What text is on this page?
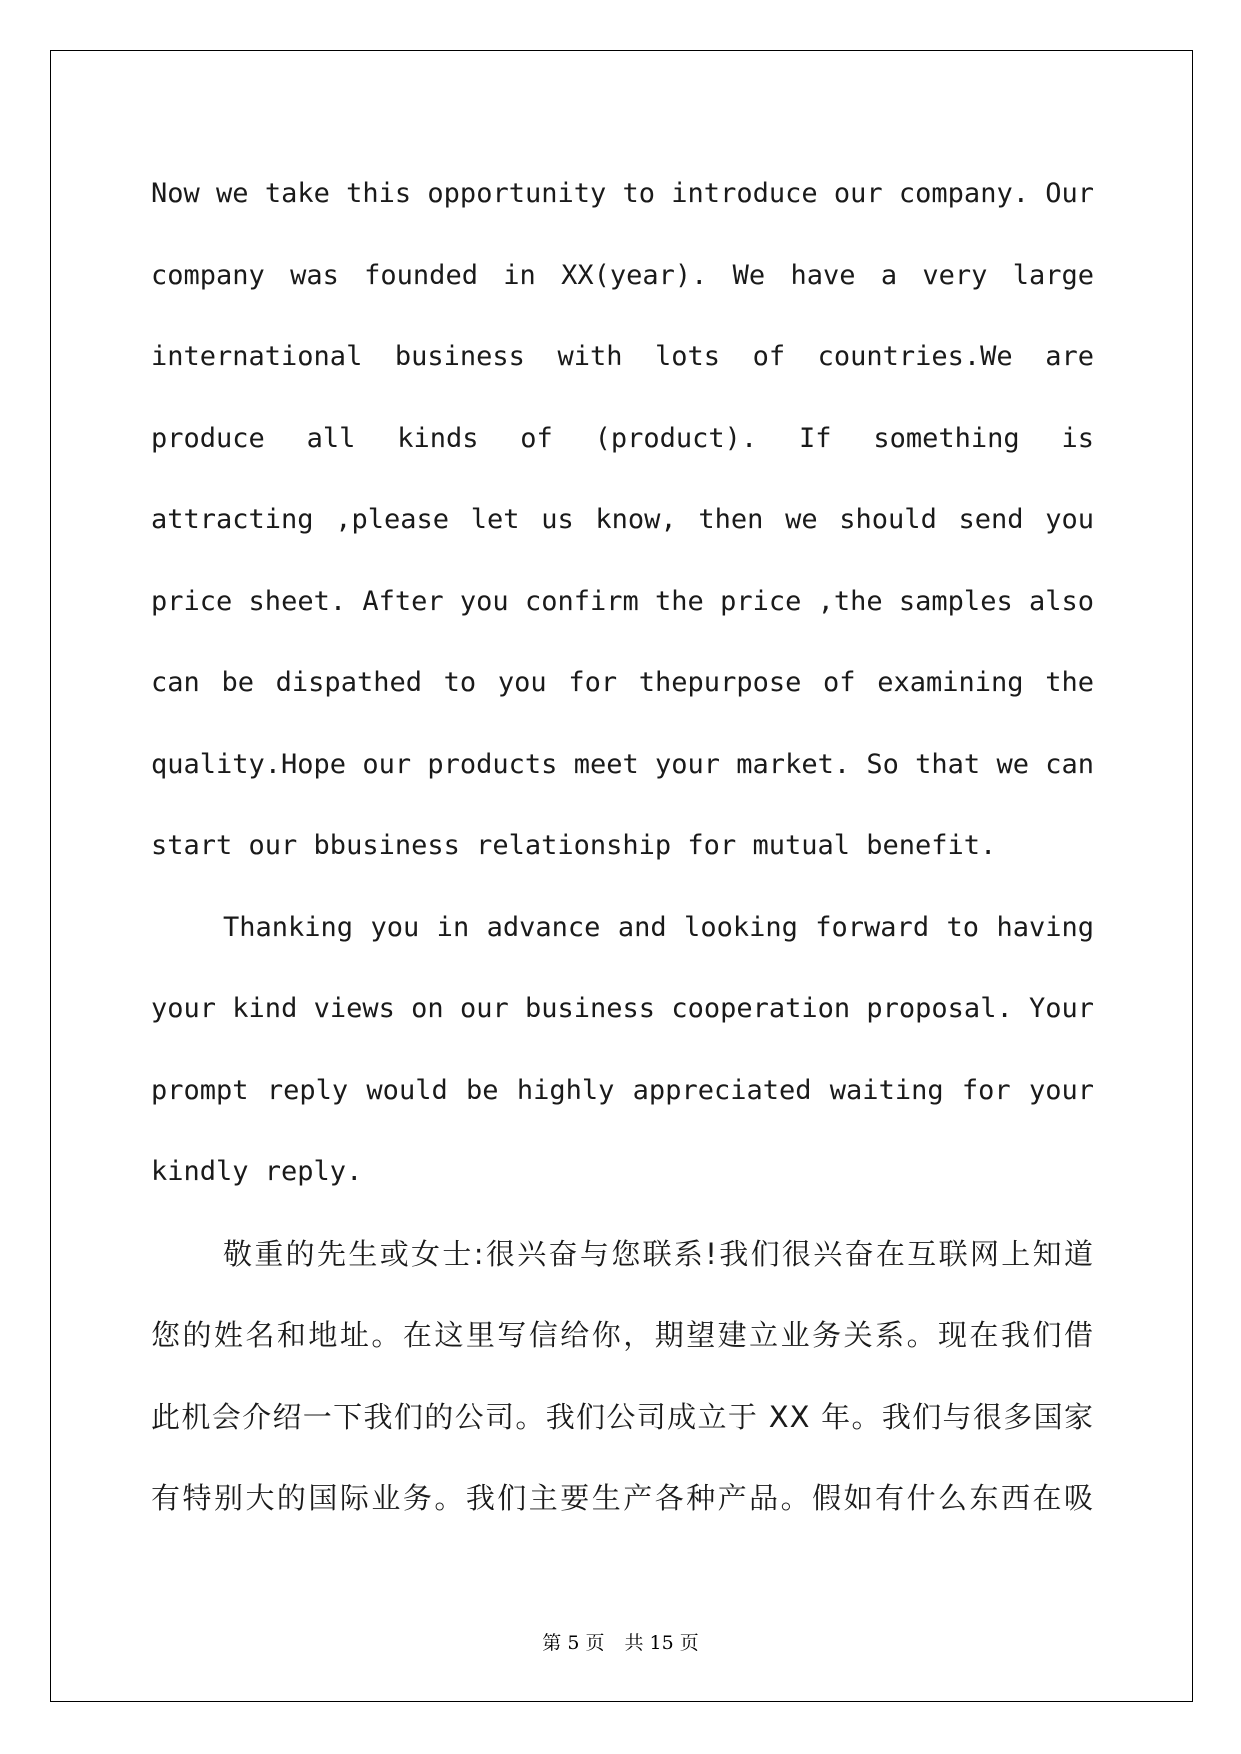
Now we take this opportunity to introduce our company. Our
company was founded in XX(year). We have a very large
international business with lots of countries.We are
produce all kinds of (product). If something is
attracting ,please let us know, then we should send you
price sheet. After you confirm the price ,the samples also
can be dispathed to you for thepurpose of examining the
quality.Hope our products meet your market. So that we can
start our bbusiness relationship for mutual benefit.
Thanking you in advance and looking forward to having
your kind views on our business cooperation proposal. Your
prompt reply would be highly appreciated waiting for your
kindly reply.
敬重的先生或女士:很兴奋与您联系!我们很兴奋在互联网上知道
您的姓名和地址。在这里写信给你，期望建立业务关系。现在我们借
此机会介绍一下我们的公司。我们公司成立于 XX 年。我们与很多国家
有特别大的国际业务。我们主要生产各种产品。假如有什么东西在吸
第 5 页 共 15 页
